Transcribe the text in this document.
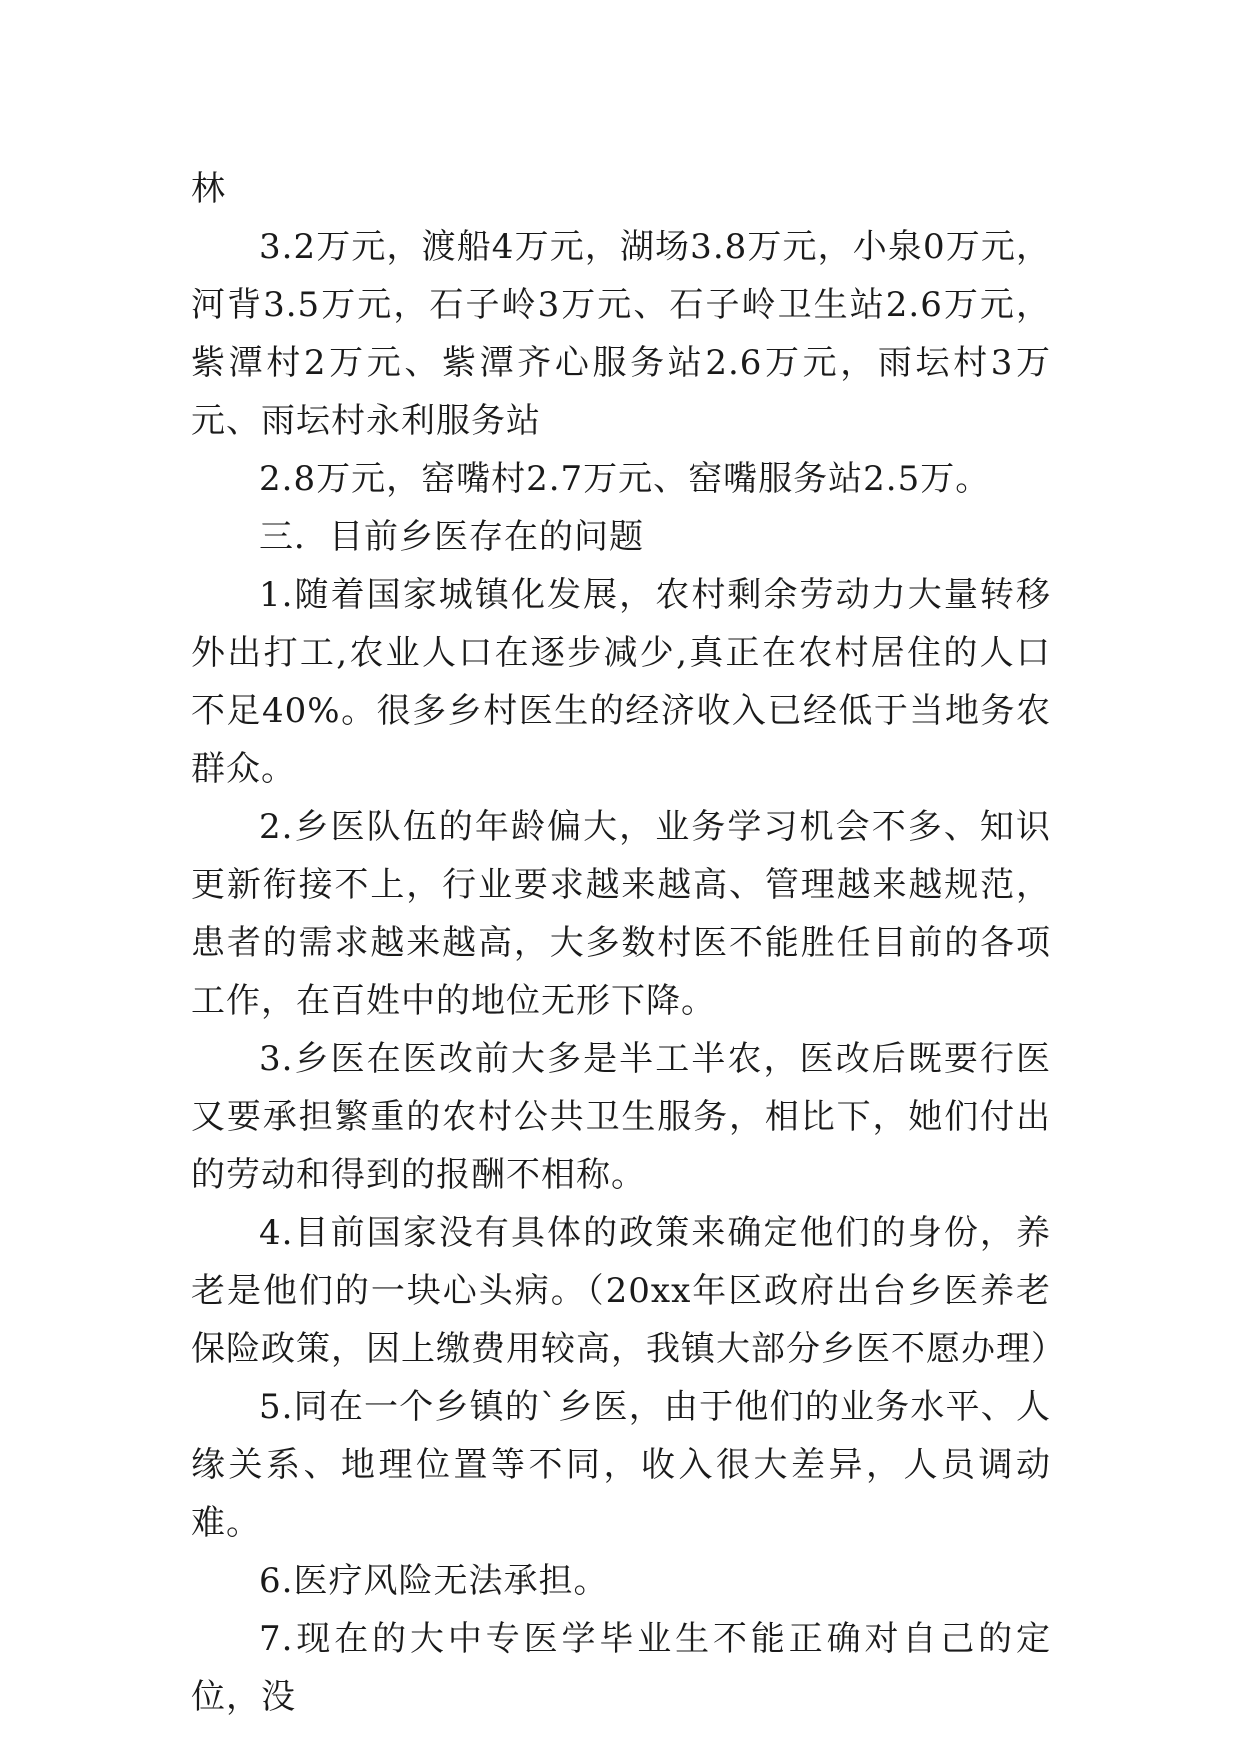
林

3.2万元，渡船4万元，湖场3.8万元，小泉0万元，河背3.5万元，石子岭3万元、石子岭卫生站2.6万元，紫潭村2万元、紫潭齐心服务站2.6万元，雨坛村3万元、雨坛村永利服务站

2.8万元，窑嘴村2.7万元、窑嘴服务站2.5万。

三．目前乡医存在的问题

1.随着国家城镇化发展，农村剩余劳动力大量转移外出打工,农业人口在逐步减少,真正在农村居住的人口不足40%。很多乡村医生的经济收入已经低于当地务农群众。

2.乡医队伍的年龄偏大，业务学习机会不多、知识更新衔接不上，行业要求越来越高、管理越来越规范，患者的需求越来越高，大多数村医不能胜任目前的各项工作，在百姓中的地位无形下降。

3.乡医在医改前大多是半工半农，医改后既要行医又要承担繁重的农村公共卫生服务，相比下，她们付出的劳动和得到的报酬不相称。

4.目前国家没有具体的政策来确定他们的身份，养老是他们的一块心头病。（20xx年区政府出台乡医养老保险政策，因上缴费用较高，我镇大部分乡医不愿办理）

5.同在一个乡镇的`乡医，由于他们的业务水平、人缘关系、地理位置等不同，收入很大差异，人员调动难。

6.医疗风险无法承担。

7.现在的大中专医学毕业生不能正确对自己的定位，没
